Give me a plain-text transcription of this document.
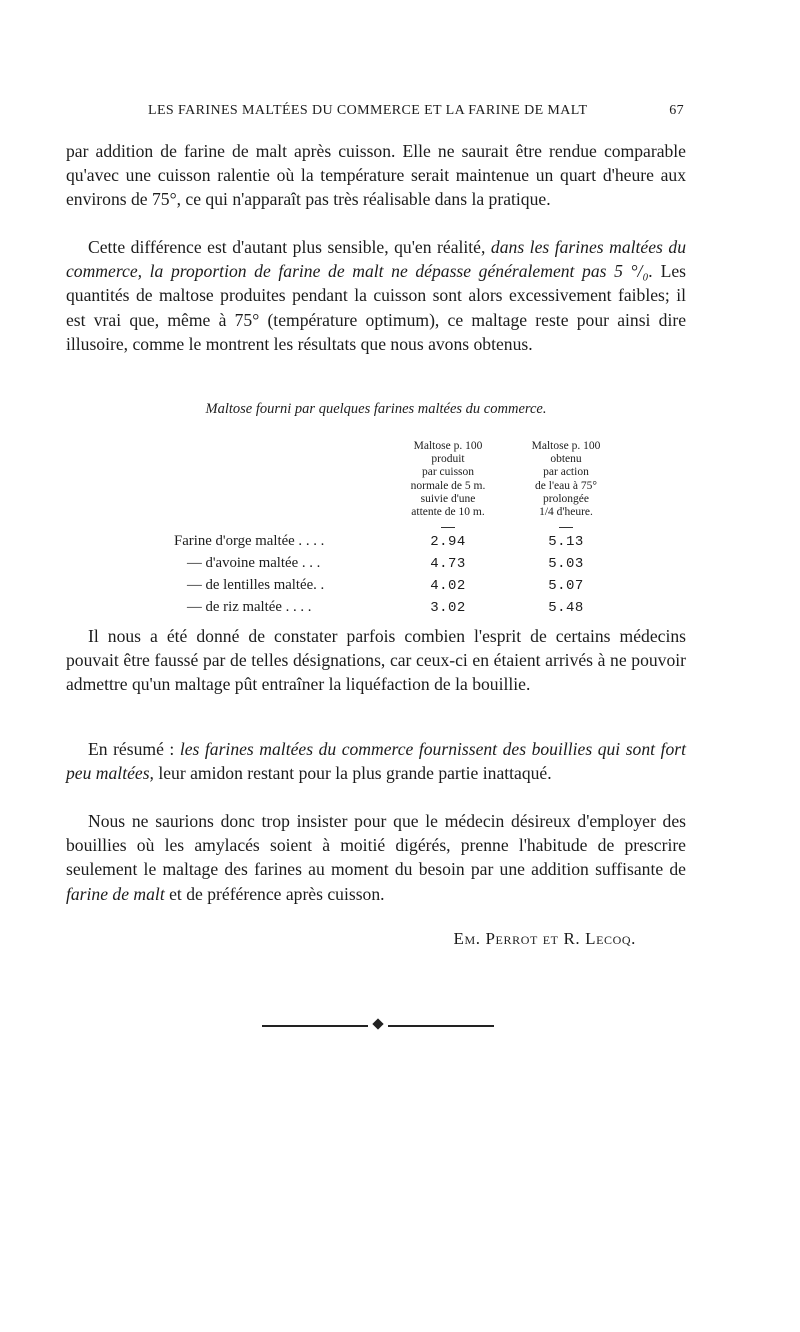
LES FARINES MALTÉES DU COMMERCE ET LA FARINE DE MALT	67

par addition de farine de malt après cuisson. Elle ne saurait être rendue comparable qu'avec une cuisson ralentie où la température serait maintenue un quart d'heure aux environs de 75°, ce qui n'apparaît pas très réalisable dans la pratique.

Cette différence est d'autant plus sensible, qu'en réalité, dans les farines maltées du commerce, la proportion de farine de malt ne dépasse généralement pas 5 °/₀. Les quantités de maltose produites pendant la cuisson sont alors excessivement faibles; il est vrai que, même à 75° (température optimum), ce maltage reste pour ainsi dire illusoire, comme le montrent les résultats que nous avons obtenus.

Maltose fourni par quelques farines maltées du commerce.
Maltose p. 100
produit
par cuisson
normale de 5 m.
suivie d'une
attente de 10 m.
Maltose p. 100
obtenu
par action
de l'eau à 75°
prolongée
1/4 d'heure.
Farine d'orge maltée . . . .	2.94	5.13
— d'avoine maltée . . .	4.73	5.03
— de lentilles maltée. .	4.02	5.07
— de riz maltée . . . .	3.02	5.48

Il nous a été donné de constater parfois combien l'esprit de certains médecins pouvait être faussé par de telles désignations, car ceux-ci en étaient arrivés à ne pouvoir admettre qu'un maltage pût entraîner la liquéfaction de la bouillie.

En résumé : les farines maltées du commerce fournissent des bouillies qui sont fort peu maltées, leur amidon restant pour la plus grande partie inattaqué.

Nous ne saurions donc trop insister pour que le médecin désireux d'employer des bouillies où les amylacés soient à moitié digérés, prenne l'habitude de prescrire seulement le maltage des farines au moment du besoin par une addition suffisante de farine de malt et de préférence après cuisson.

Em. Perrot et R. Lecoq.
